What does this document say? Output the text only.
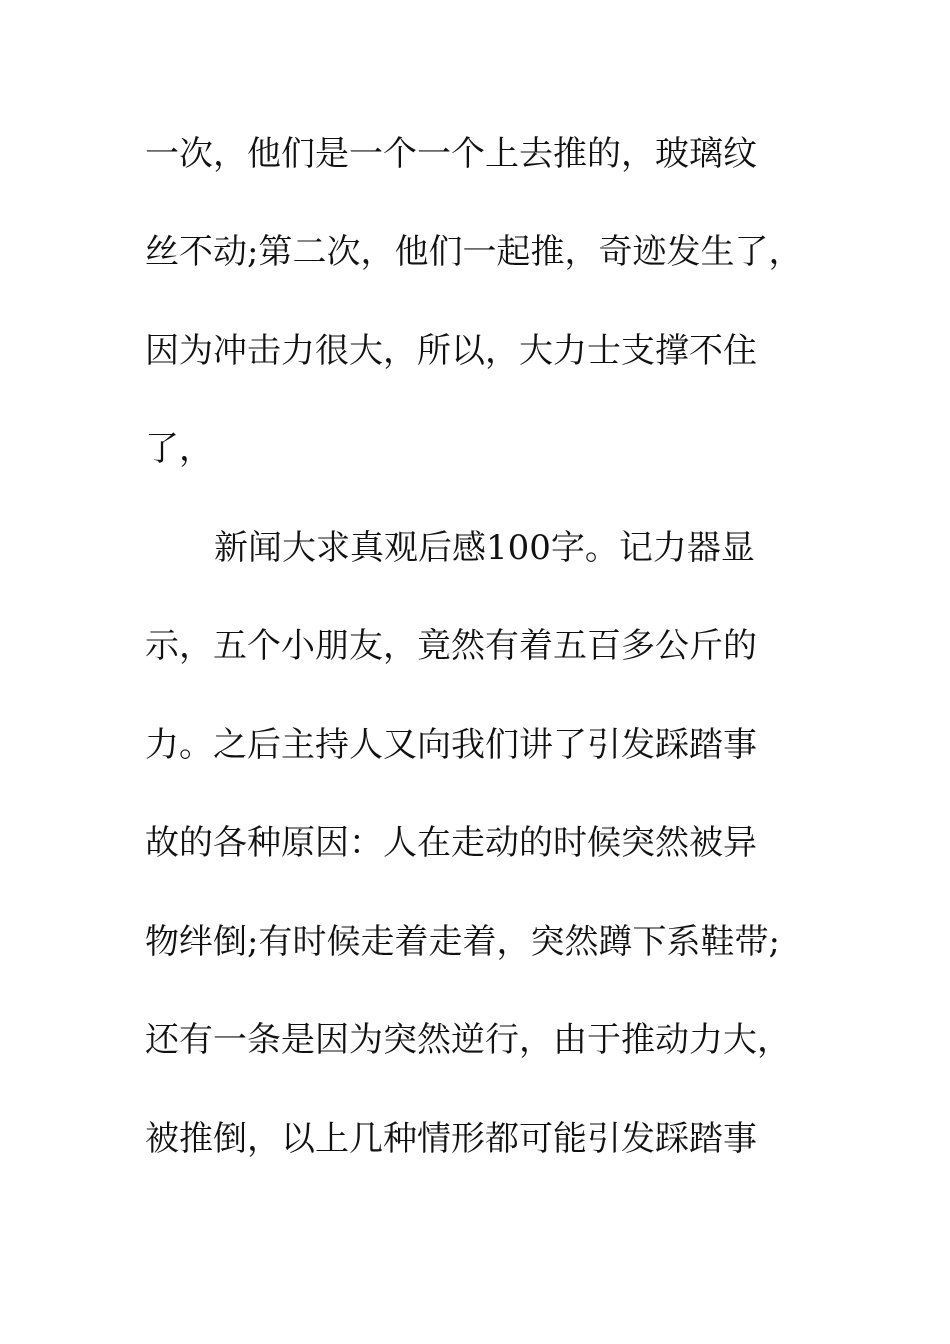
一次，他们是一个一个上去推的，玻璃纹
丝不动;第二次，他们一起推，奇迹发生了，
因为冲击力很大，所以，大力士支撑不住
了，
新闻大求真观后感100字。记力器显
示，五个小朋友，竟然有着五百多公斤的
力。之后主持人又向我们讲了引发踩踏事
故的各种原因：人在走动的时候突然被异
物绊倒;有时候走着走着，突然蹲下系鞋带;
还有一条是因为突然逆行，由于推动力大，
被推倒，以上几种情形都可能引发踩踏事
